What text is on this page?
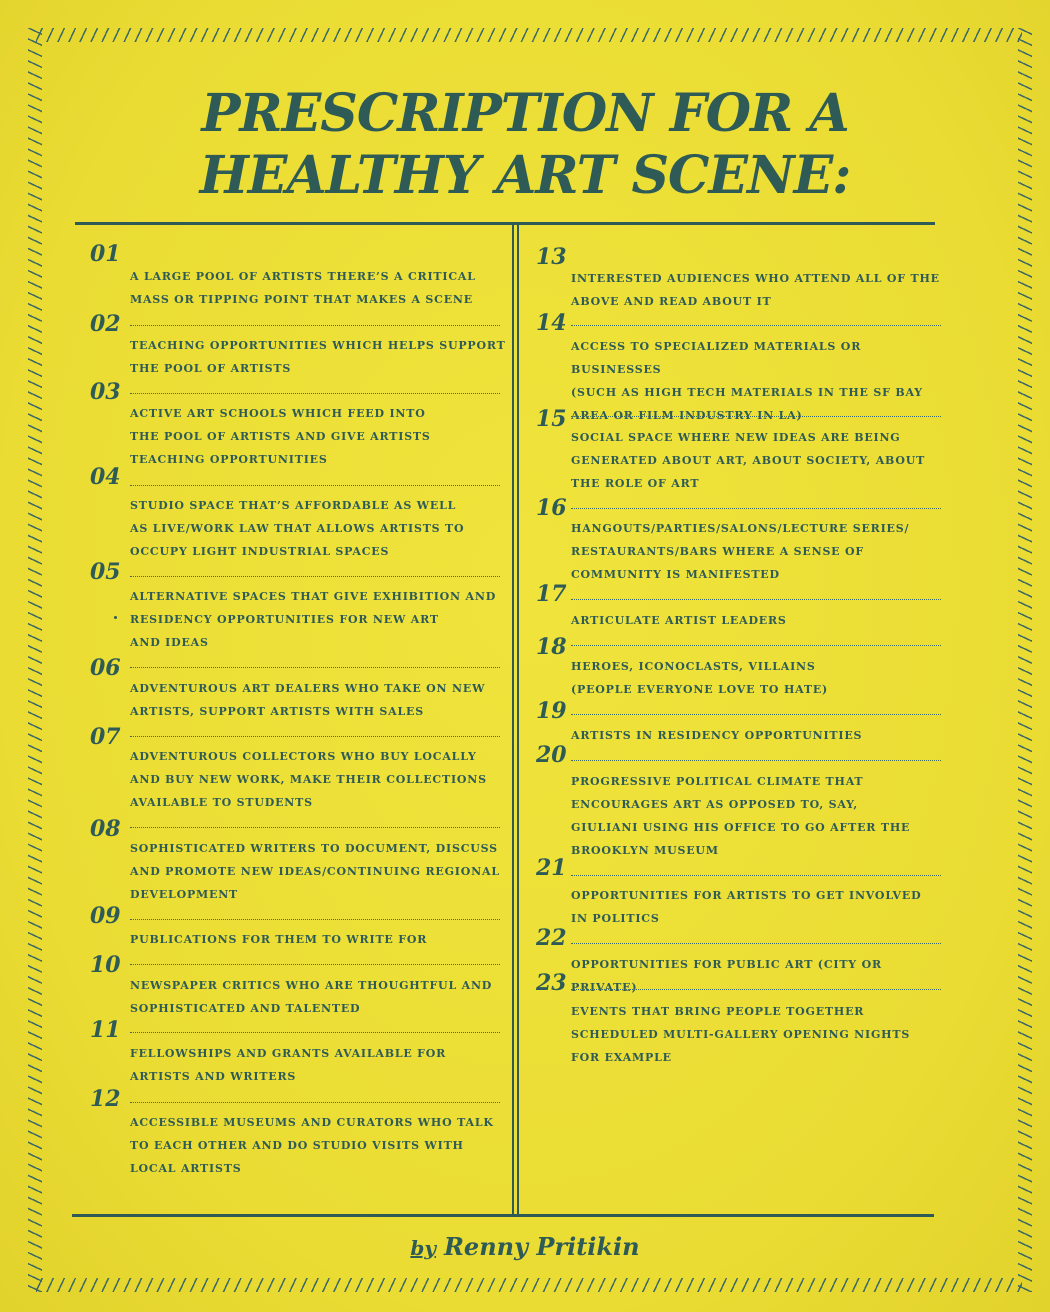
PRESCRIPTION FOR A
HEALTHY ART SCENE:
01
A LARGE POOL OF ARTISTS THERE’S A CRITICAL
MASS OR TIPPING POINT THAT MAKES A SCENE
02
TEACHING OPPORTUNITIES WHICH HELPS SUPPORT
THE POOL OF ARTISTS
03
ACTIVE ART SCHOOLS WHICH FEED INTO
THE POOL OF ARTISTS AND GIVE ARTISTS
TEACHING OPPORTUNITIES
04
STUDIO SPACE THAT’S AFFORDABLE AS WELL
AS LIVE/WORK LAW THAT ALLOWS ARTISTS TO
OCCUPY LIGHT INDUSTRIAL SPACES
05
ALTERNATIVE SPACES THAT GIVE EXHIBITION AND
RESIDENCY OPPORTUNITIES FOR NEW ART
AND IDEAS
06
ADVENTUROUS ART DEALERS WHO TAKE ON NEW
ARTISTS, SUPPORT ARTISTS WITH SALES
07
ADVENTUROUS COLLECTORS WHO BUY LOCALLY
AND BUY NEW WORK, MAKE THEIR COLLECTIONS
AVAILABLE TO STUDENTS
08
SOPHISTICATED WRITERS TO DOCUMENT, DISCUSS
AND PROMOTE NEW IDEAS/CONTINUING REGIONAL
DEVELOPMENT
09
PUBLICATIONS FOR THEM TO WRITE FOR
10
NEWSPAPER CRITICS WHO ARE THOUGHTFUL AND
SOPHISTICATED AND TALENTED
11
FELLOWSHIPS AND GRANTS AVAILABLE FOR
ARTISTS AND WRITERS
12
ACCESSIBLE MUSEUMS AND CURATORS WHO TALK
TO EACH OTHER AND DO STUDIO VISITS WITH
LOCAL ARTISTS
13
INTERESTED AUDIENCES WHO ATTEND ALL OF THE
ABOVE AND READ ABOUT IT
14
ACCESS TO SPECIALIZED MATERIALS OR BUSINESSES
(SUCH AS HIGH TECH MATERIALS IN THE SF BAY
AREA OR FILM INDUSTRY IN LA)
15
SOCIAL SPACE WHERE NEW IDEAS ARE BEING
GENERATED ABOUT ART, ABOUT SOCIETY, ABOUT
THE ROLE OF ART
16
HANGOUTS/PARTIES/SALONS/LECTURE SERIES/
RESTAURANTS/BARS WHERE A SENSE OF
COMMUNITY IS MANIFESTED
17
ARTICULATE ARTIST LEADERS
18
HEROES, ICONOCLASTS, VILLAINS
(PEOPLE EVERYONE LOVE TO HATE)
19
ARTISTS IN RESIDENCY OPPORTUNITIES
20
PROGRESSIVE POLITICAL CLIMATE THAT
ENCOURAGES ART AS OPPOSED TO, SAY,
GIULIANI USING HIS OFFICE TO GO AFTER THE
BROOKLYN MUSEUM
21
OPPORTUNITIES FOR ARTISTS TO GET INVOLVED
IN POLITICS
22
OPPORTUNITIES FOR PUBLIC ART (CITY OR PRIVATE)
23
EVENTS THAT BRING PEOPLE TOGETHER
SCHEDULED MULTI-GALLERY OPENING NIGHTS
FOR EXAMPLE
by Renny Pritikin
